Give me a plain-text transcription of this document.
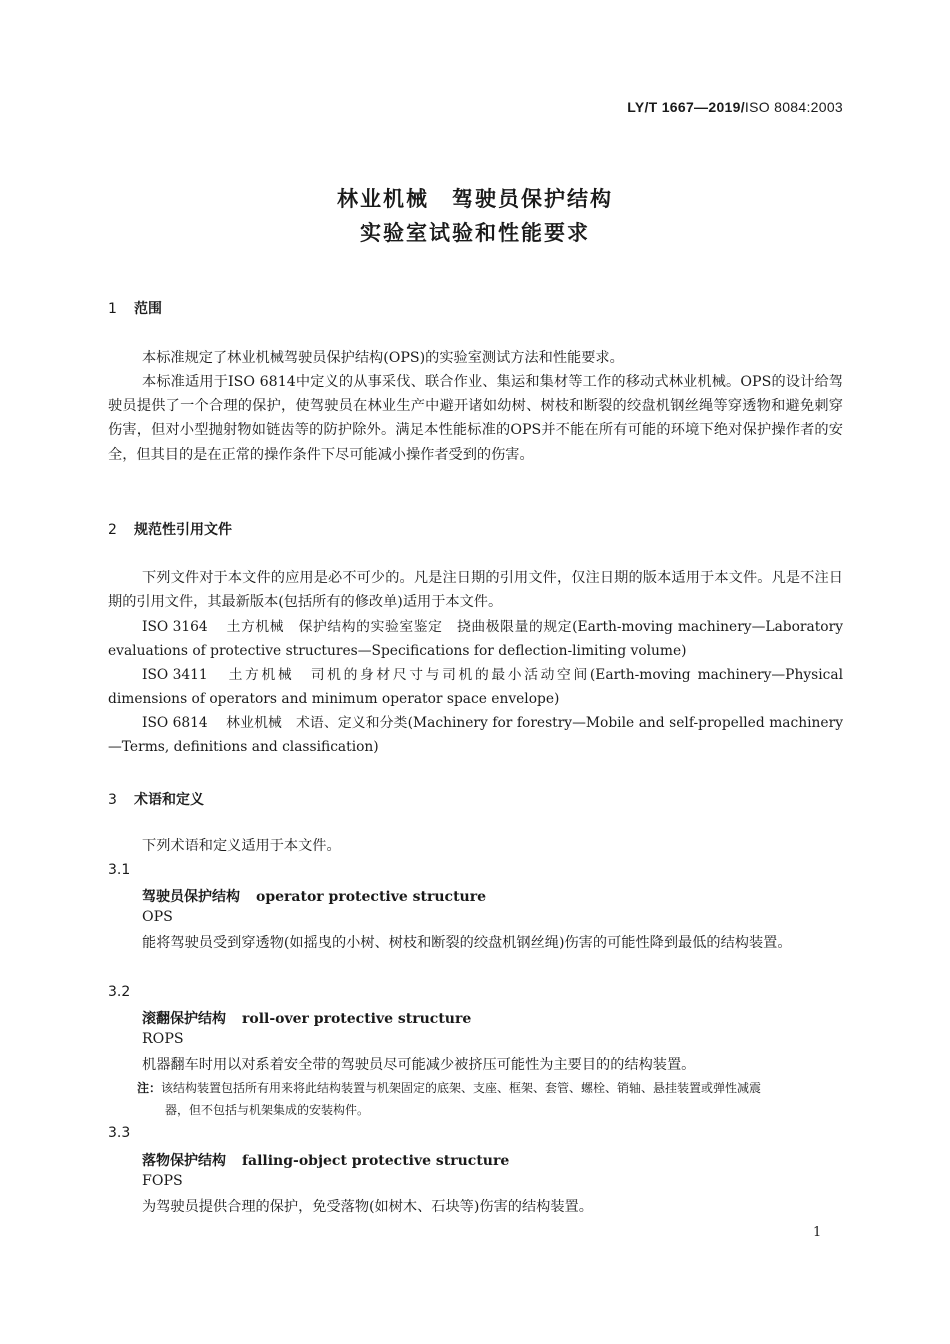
LY/T 1667—2019/ISO 8084:2003
林业机械　驾驶员保护结构
实验室试验和性能要求
1 范围

本标准规定了林业机械驾驶员保护结构(OPS)的实验室测试方法和性能要求。

本标准适用于ISO 6814中定义的从事采伐、联合作业、集运和集材等工作的移动式林业机械。OPS的设计给驾驶员提供了一个合理的保护，使驾驶员在林业生产中避开诸如幼树、树枝和断裂的绞盘机钢丝绳等穿透物和避免刺穿伤害，但对小型抛射物如链齿等的防护除外。满足本性能标准的OPS并不能在所有可能的环境下绝对保护操作者的安全，但其目的是在正常的操作条件下尽可能减小操作者受到的伤害。

2 规范性引用文件

下列文件对于本文件的应用是必不可少的。凡是注日期的引用文件，仅注日期的版本适用于本文件。凡是不注日期的引用文件，其最新版本(包括所有的修改单)适用于本文件。

ISO 3164 土方机械　保护结构的实验室鉴定　挠曲极限量的规定(Earth-moving machinery—Laboratory evaluations of protective structures—Specifications for deflection-limiting volume)

ISO 3411 土方机械　司机的身材尺寸与司机的最小活动空间(Earth-moving machinery—Physical dimensions of operators and minimum operator space envelope)

ISO 6814 林业机械　术语、定义和分类(Machinery for forestry—Mobile and self-propelled machinery—Terms, definitions and classification)

3 术语和定义

下列术语和定义适用于本文件。

3.1
驾驶员保护结构 operator protective structure
OPS

能将驾驶员受到穿透物(如摇曳的小树、树枝和断裂的绞盘机钢丝绳)伤害的可能性降到最低的结构装置。

3.2
滚翻保护结构 roll-over protective structure
ROPS

机器翻车时用以对系着安全带的驾驶员尽可能减少被挤压可能性为主要目的的结构装置。

注：该结构装置包括所有用来将此结构装置与机架固定的底架、支座、框架、套管、螺栓、销轴、悬挂装置或弹性减震
器，但不包括与机架集成的安装构件。

3.3
落物保护结构 falling-object protective structure
FOPS

为驾驶员提供合理的保护，免受落物(如树木、石块等)伤害的结构装置。

1
